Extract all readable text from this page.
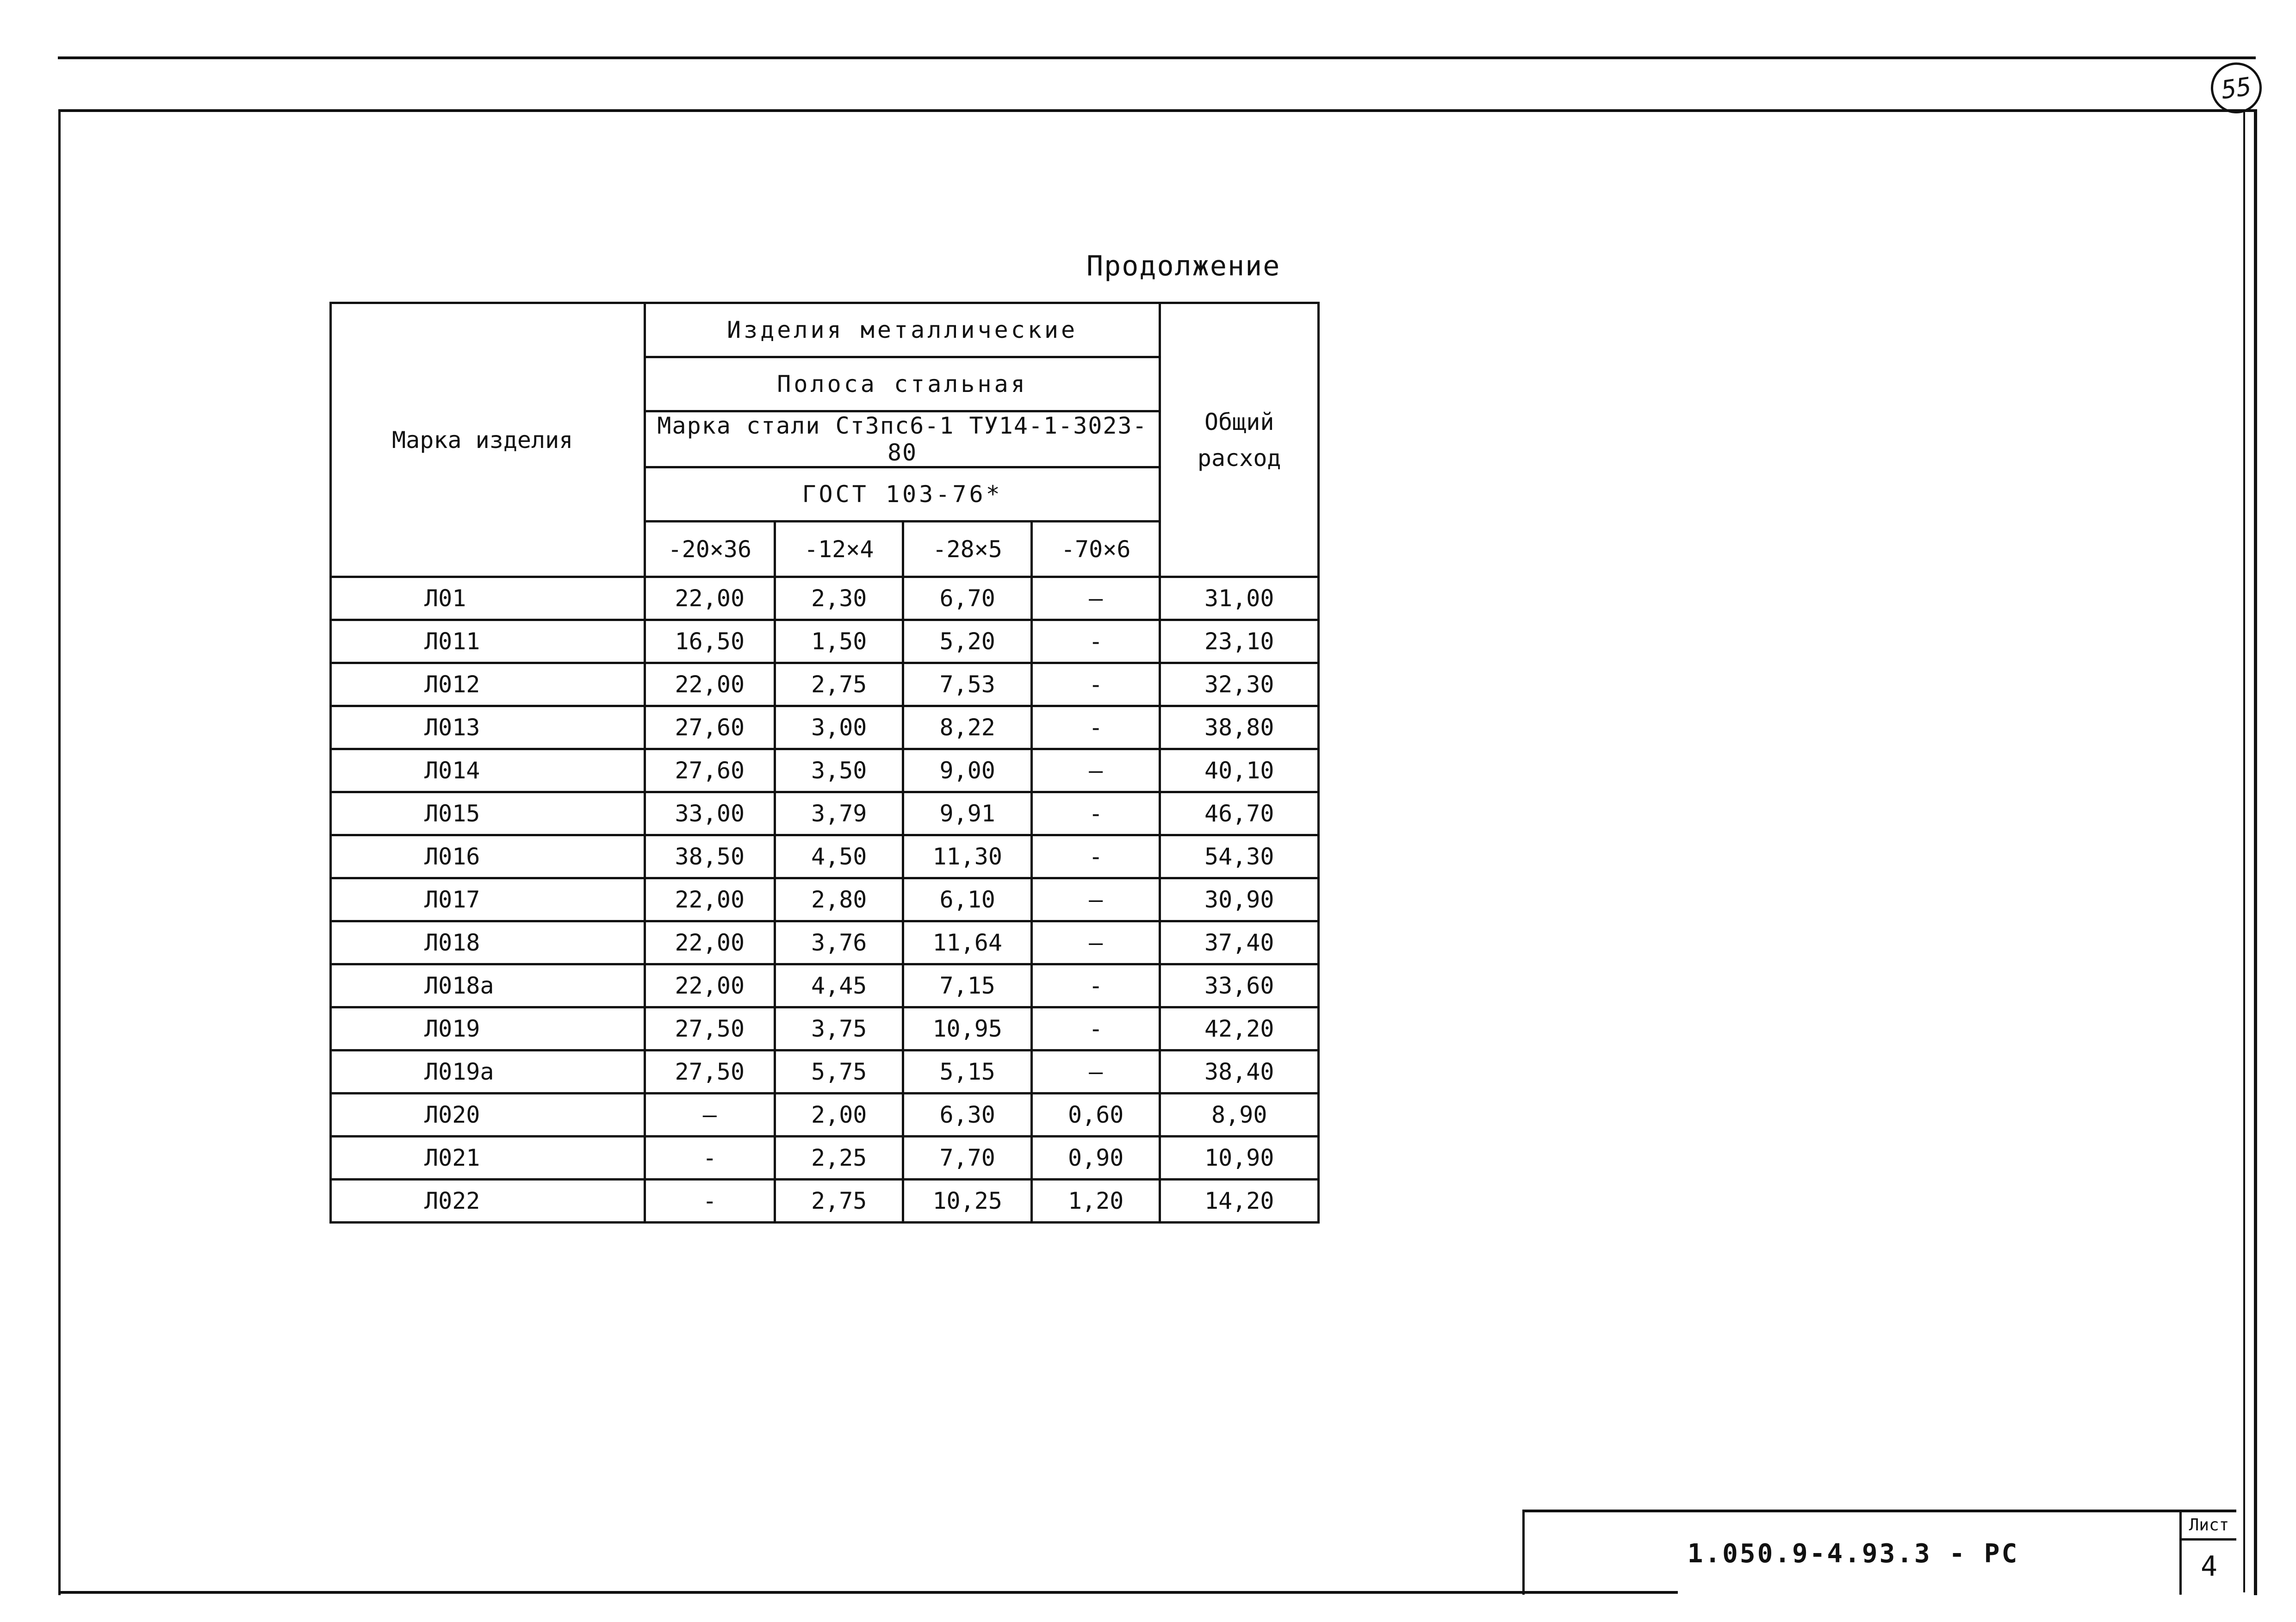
55
Продолжение
Марка изделия	Изделия металлические				Общий расход
	Полоса стальная				
	Марка стали Ст3пс6-1 ТУ14-1-3023-80				
	ГОСТ 103-76*				
	-20×36	-12×4	-28×5	-70×6	
Л01	22,00	2,30	6,70	—	31,00
Л011	16,50	1,50	5,20	-	23,10
Л012	22,00	2,75	7,53	-	32,30
Л013	27,60	3,00	8,22	-	38,80
Л014	27,60	3,50	9,00	—	40,10
Л015	33,00	3,79	9,91	-	46,70
Л016	38,50	4,50	11,30	-	54,30
Л017	22,00	2,80	6,10	—	30,90
Л018	22,00	3,76	11,64	—	37,40
Л018а	22,00	4,45	7,15	-	33,60
Л019	27,50	3,75	10,95	-	42,20
Л019а	27,50	5,75	5,15	—	38,40
Л020	—	2,00	6,30	0,60	8,90
Л021	-	2,25	7,70	0,90	10,90
Л022	-	2,75	10,25	1,20	14,20
1.050.9-4.93.3 - РС
Лист
4
